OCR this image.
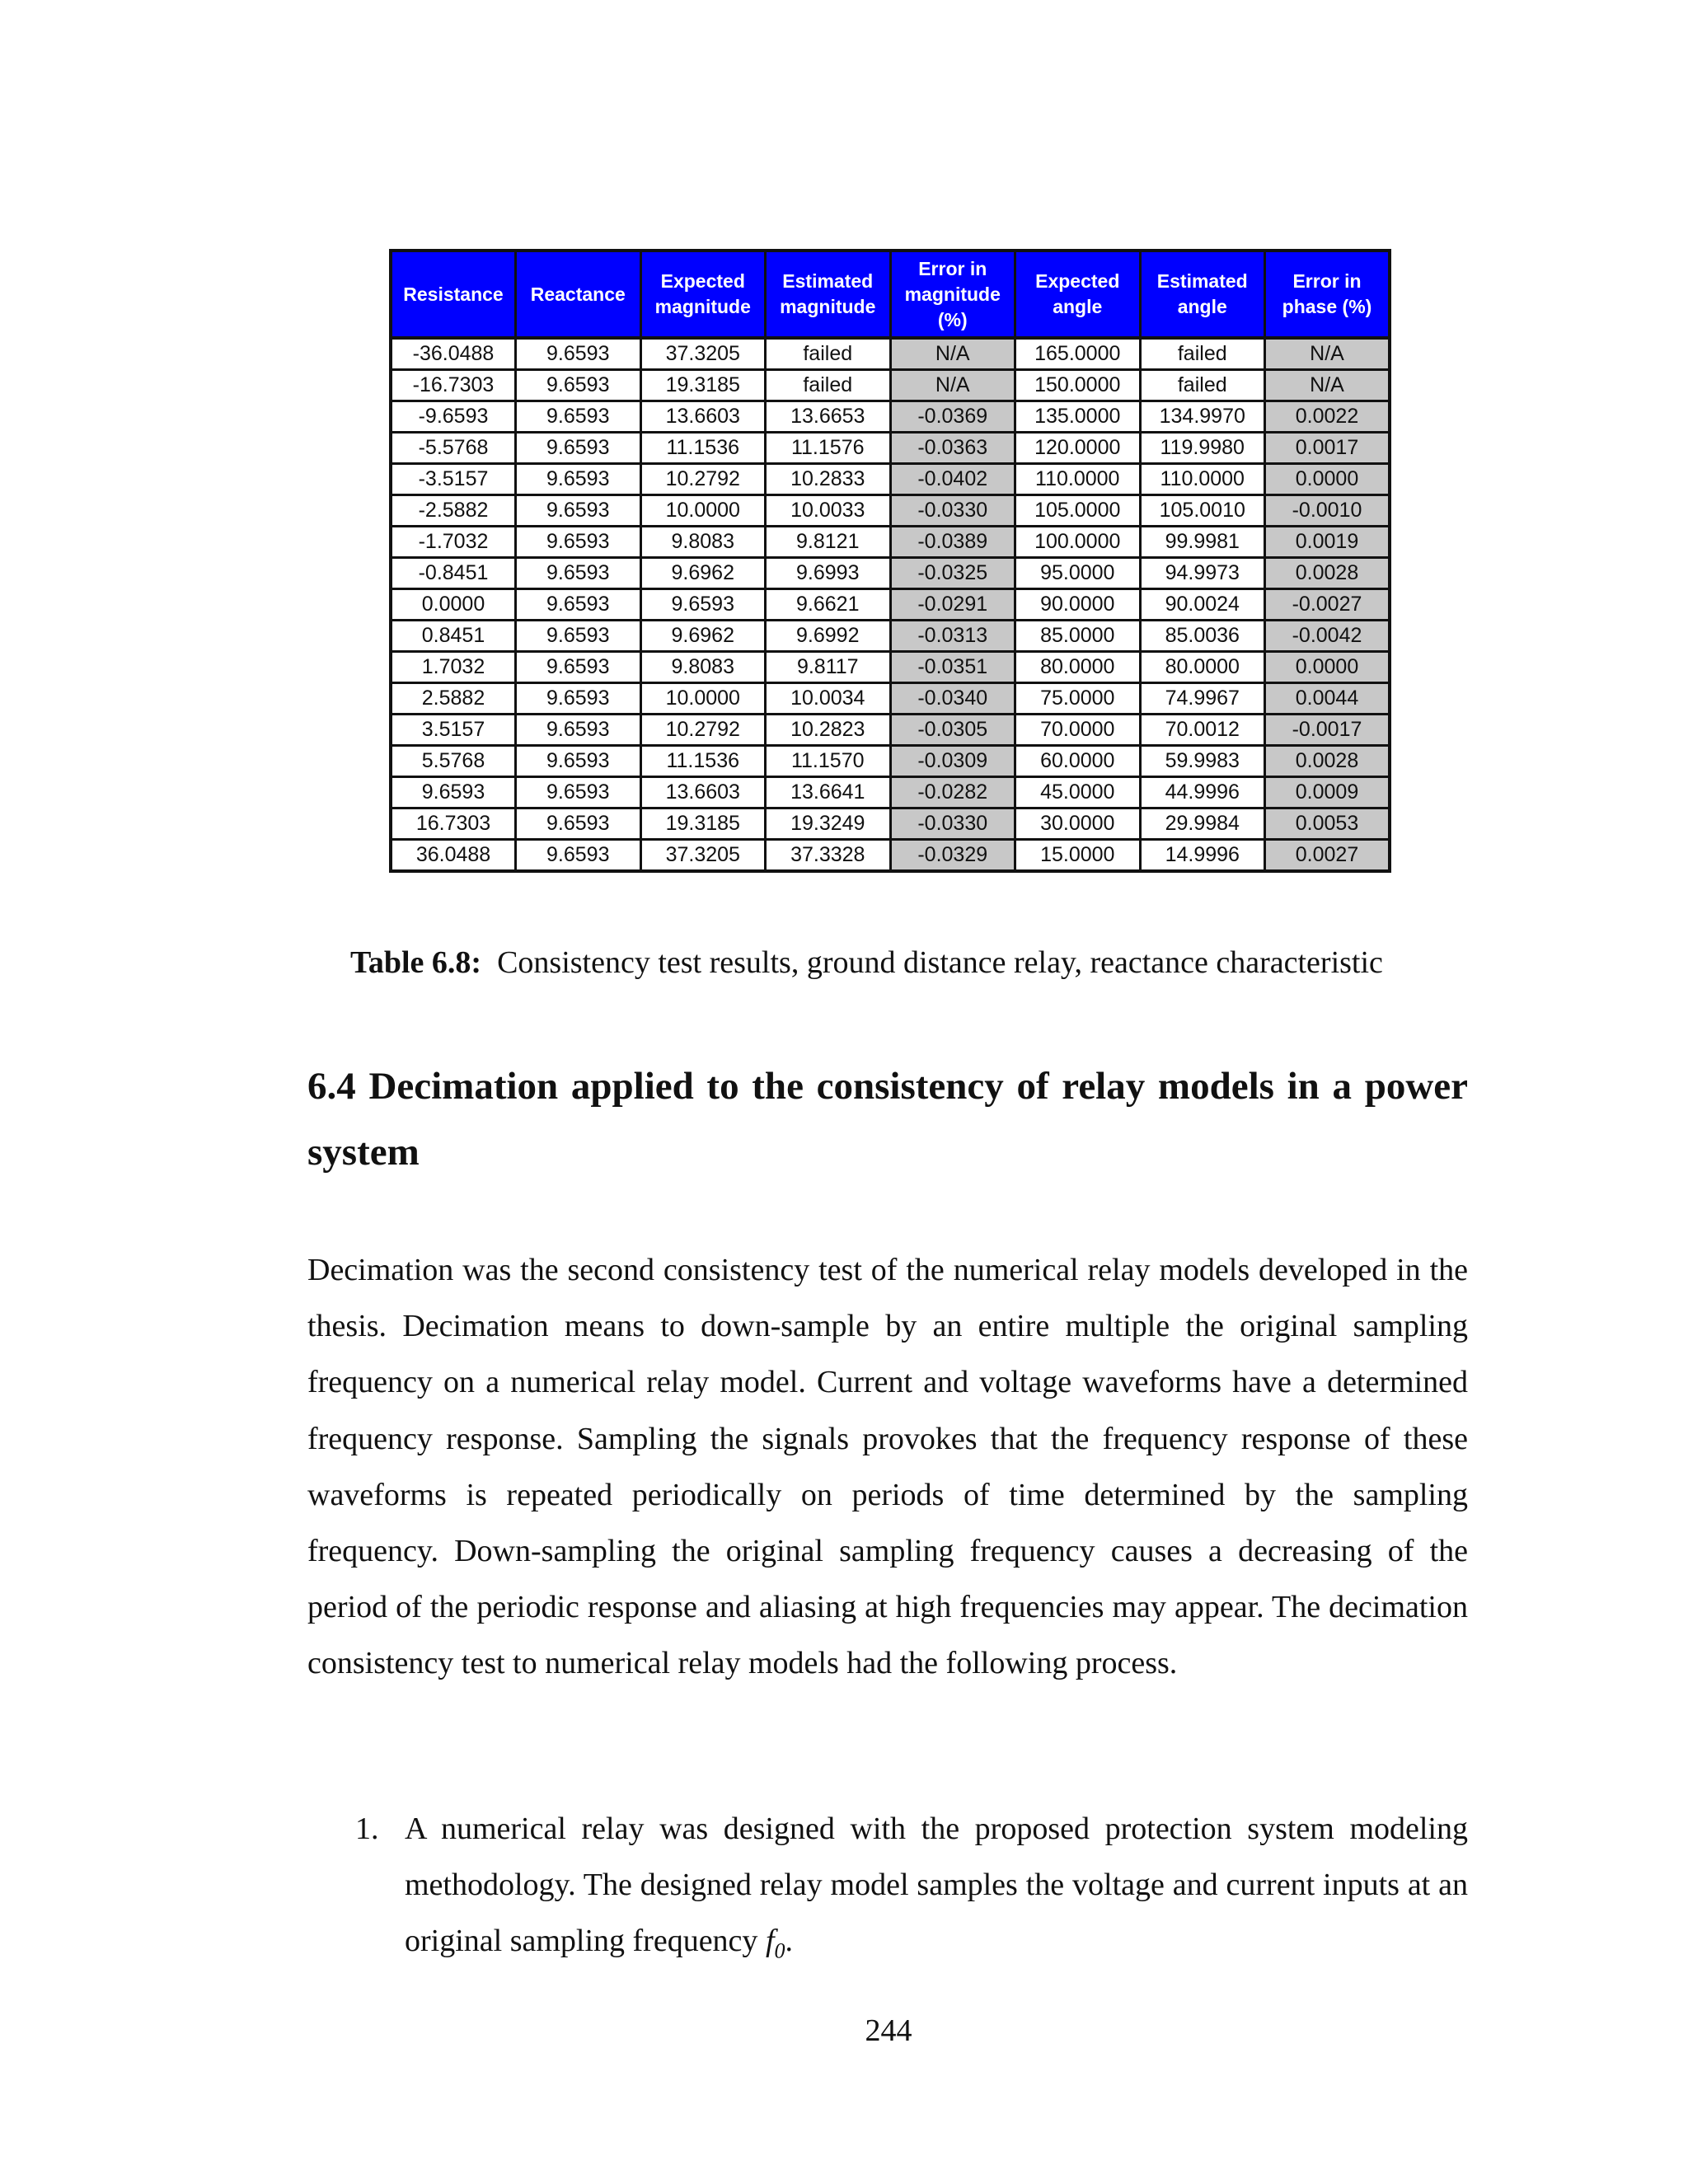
Resistance	Reactance	Expected magnitude	Estimated magnitude	Error in magnitude (%)	Expected angle	Estimated angle	Error in phase (%)
-36.0488	9.6593	37.3205	failed	N/A	165.0000	failed	N/A
-16.7303	9.6593	19.3185	failed	N/A	150.0000	failed	N/A
-9.6593	9.6593	13.6603	13.6653	-0.0369	135.0000	134.9970	0.0022
-5.5768	9.6593	11.1536	11.1576	-0.0363	120.0000	119.9980	0.0017
-3.5157	9.6593	10.2792	10.2833	-0.0402	110.0000	110.0000	0.0000
-2.5882	9.6593	10.0000	10.0033	-0.0330	105.0000	105.0010	-0.0010
-1.7032	9.6593	9.8083	9.8121	-0.0389	100.0000	99.9981	0.0019
-0.8451	9.6593	9.6962	9.6993	-0.0325	95.0000	94.9973	0.0028
0.0000	9.6593	9.6593	9.6621	-0.0291	90.0000	90.0024	-0.0027
0.8451	9.6593	9.6962	9.6992	-0.0313	85.0000	85.0036	-0.0042
1.7032	9.6593	9.8083	9.8117	-0.0351	80.0000	80.0000	0.0000
2.5882	9.6593	10.0000	10.0034	-0.0340	75.0000	74.9967	0.0044
3.5157	9.6593	10.2792	10.2823	-0.0305	70.0000	70.0012	-0.0017
5.5768	9.6593	11.1536	11.1570	-0.0309	60.0000	59.9983	0.0028
9.6593	9.6593	13.6603	13.6641	-0.0282	45.0000	44.9996	0.0009
16.7303	9.6593	19.3185	19.3249	-0.0330	30.0000	29.9984	0.0053
36.0488	9.6593	37.3205	37.3328	-0.0329	15.0000	14.9996	0.0027
Table 6.8: Consistency test results, ground distance relay, reactance characteristic
6.4 Decimation applied to the consistency of relay models in a power system

Decimation was the second consistency test of the numerical relay models developed in the thesis. Decimation means to down-sample by an entire multiple the original sampling frequency on a numerical relay model. Current and voltage waveforms have a determined frequency response. Sampling the signals provokes that the frequency response of these waveforms is repeated periodically on periods of time determined by the sampling frequency. Down-sampling the original sampling frequency causes a decreasing of the period of the periodic response and aliasing at high frequencies may appear. The decimation consistency test to numerical relay models had the following process.

1. A numerical relay was designed with the proposed protection system modeling methodology. The designed relay model samples the voltage and current inputs at an original sampling frequency $f_0$.

244
